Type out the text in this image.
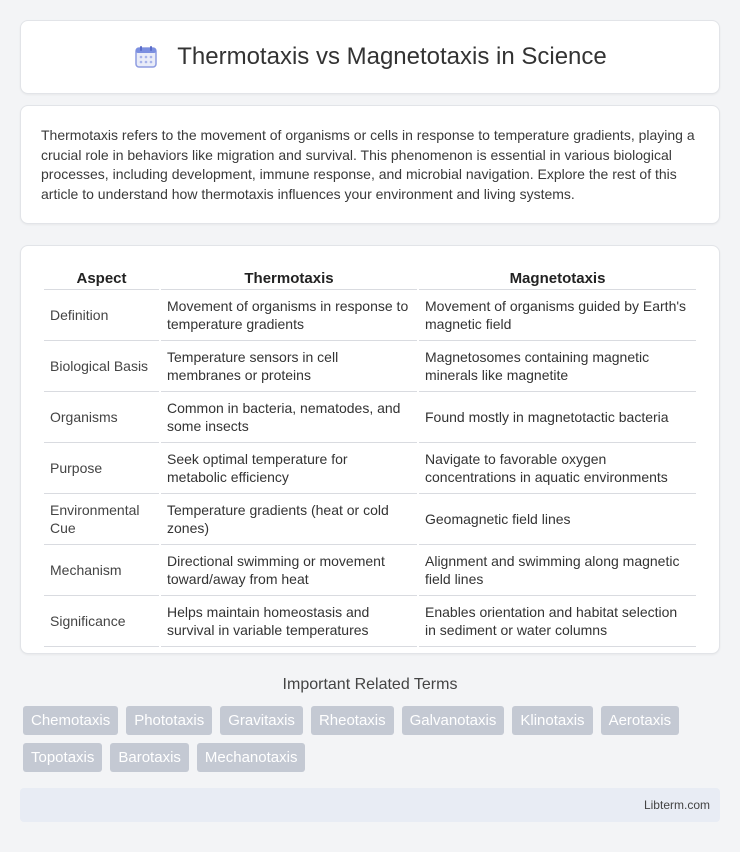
Thermotaxis vs Magnetotaxis in Science

Thermotaxis refers to the movement of organisms or cells in response to temperature gradients, playing a crucial role in behaviors like migration and survival. This phenomenon is essential in various biological processes, including development, immune response, and microbial navigation. Explore the rest of this article to understand how thermotaxis influences your environment and living systems.

Aspect	Thermotaxis	Magnetotaxis
Definition	Movement of organisms in response to temperature gradients	Movement of organisms guided by Earth's magnetic field
Biological Basis	Temperature sensors in cell membranes or proteins	Magnetosomes containing magnetic minerals like magnetite
Organisms	Common in bacteria, nematodes, and some insects	Found mostly in magnetotactic bacteria
Purpose	Seek optimal temperature for metabolic efficiency	Navigate to favorable oxygen concentrations in aquatic environments
Environmental Cue	Temperature gradients (heat or cold zones)	Geomagnetic field lines
Mechanism	Directional swimming or movement toward/away from heat	Alignment and swimming along magnetic field lines
Significance	Helps maintain homeostasis and survival in variable temperatures	Enables orientation and habitat selection in sediment or water columns
Important Related Terms
Chemotaxis	Phototaxis	Gravitaxis	Rheotaxis	Galvanotaxis	Klinotaxis	Aerotaxis
Topotaxis	Barotaxis	Mechanotaxis
Libterm.com
